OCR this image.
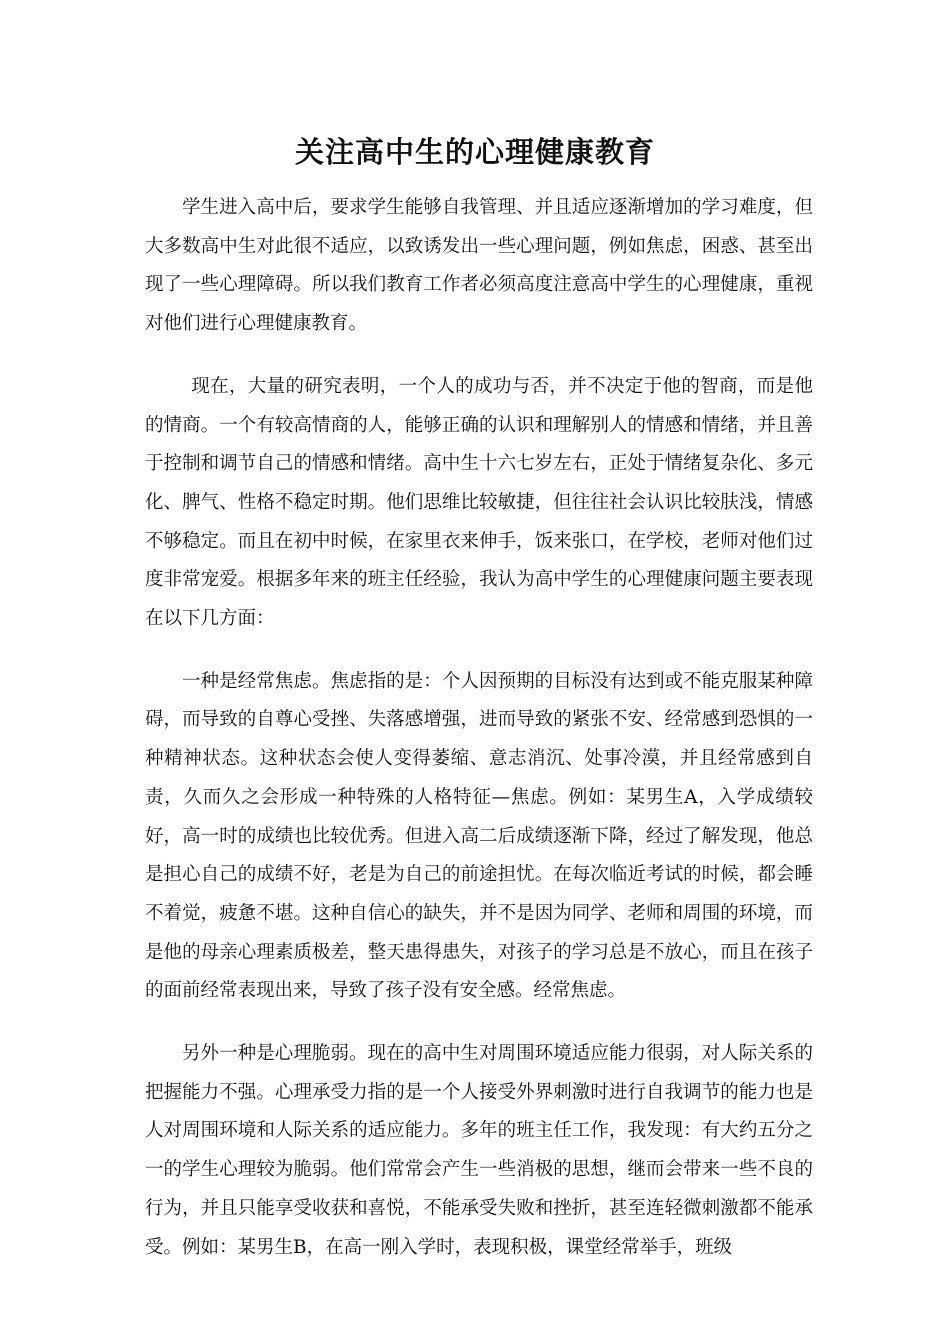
关注高中生的心理健康教育

学生进入高中后，要求学生能够自我管理、并且适应逐渐增加的学习难度，但大多数高中生对此很不适应，以致诱发出一些心理问题，例如焦虑，困惑、甚至出现了一些心理障碍。所以我们教育工作者必须高度注意高中学生的心理健康，重视对他们进行心理健康教育。

现在，大量的研究表明，一个人的成功与否，并不决定于他的智商，而是他的情商。一个有较高情商的人，能够正确的认识和理解别人的情感和情绪，并且善于控制和调节自己的情感和情绪。高中生十六七岁左右，正处于情绪复杂化、多元化、脾气、性格不稳定时期。他们思维比较敏捷，但往往社会认识比较肤浅，情感不够稳定。而且在初中时候，在家里衣来伸手，饭来张口，在学校，老师对他们过度非常宠爱。根据多年来的班主任经验，我认为高中学生的心理健康问题主要表现在以下几方面：

一种是经常焦虑。焦虑指的是：个人因预期的目标没有达到或不能克服某种障碍，而导致的自尊心受挫、失落感增强，进而导致的紧张不安、经常感到恐惧的一种精神状态。这种状态会使人变得萎缩、意志消沉、处事冷漠，并且经常感到自责，久而久之会形成一种特殊的人格特征—焦虑。例如：某男生A，入学成绩较好，高一时的成绩也比较优秀。但进入高二后成绩逐渐下降，经过了解发现，他总是担心自己的成绩不好，老是为自己的前途担忧。在每次临近考试的时候，都会睡不着觉，疲惫不堪。这种自信心的缺失，并不是因为同学、老师和周围的环境，而是他的母亲心理素质极差，整天患得患失，对孩子的学习总是不放心，而且在孩子的面前经常表现出来，导致了孩子没有安全感。经常焦虑。

另外一种是心理脆弱。现在的高中生对周围环境适应能力很弱，对人际关系的把握能力不强。心理承受力指的是一个人接受外界刺激时进行自我调节的能力也是人对周围环境和人际关系的适应能力。多年的班主任工作，我发现：有大约五分之一的学生心理较为脆弱。他们常常会产生一些消极的思想，继而会带来一些不良的行为，并且只能享受收获和喜悦，不能承受失败和挫折，甚至连轻微刺激都不能承受。例如：某男生B，在高一刚入学时，表现积极，课堂经常举手，班级
